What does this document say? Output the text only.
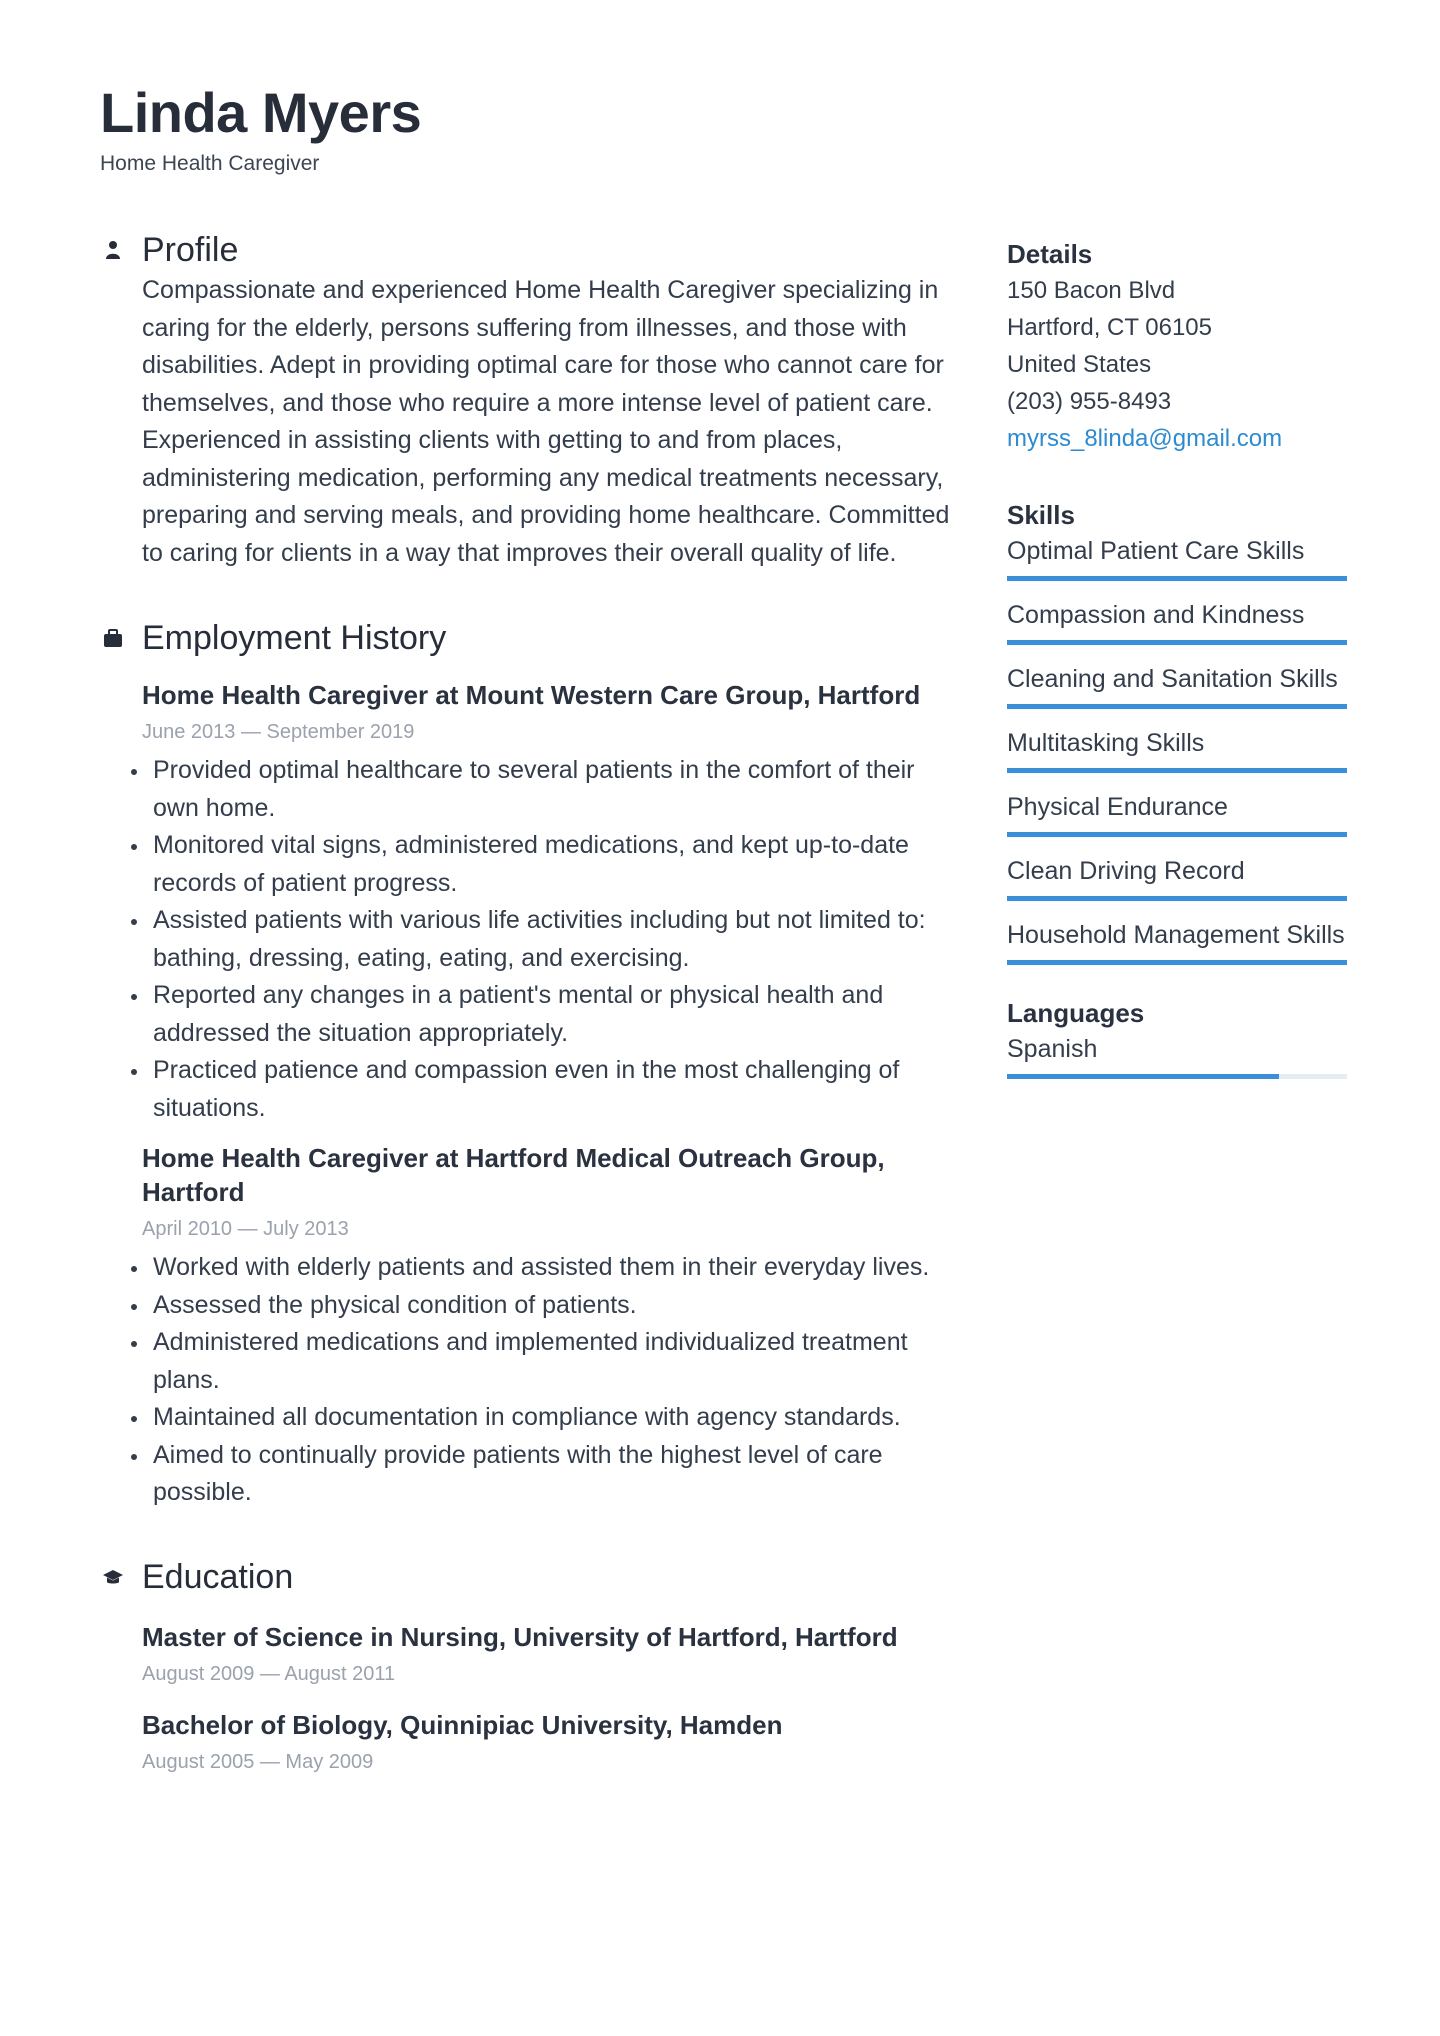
Linda Myers
Home Health Caregiver
Profile
Compassionate and experienced Home Health Caregiver specializing in caring for the elderly, persons suffering from illnesses, and those with disabilities. Adept in providing optimal care for those who cannot care for themselves, and those who require a more intense level of patient care. Experienced in assisting clients with getting to and from places, administering medication, performing any medical treatments necessary, preparing and serving meals, and providing home healthcare. Committed to caring for clients in a way that improves their overall quality of life.
Employment History
Home Health Caregiver at Mount Western Care Group, Hartford
June 2013 — September 2019
Provided optimal healthcare to several patients in the comfort of their own home.
Monitored vital signs, administered medications, and kept up-to-date records of patient progress.
Assisted patients with various life activities including but not limited to: bathing, dressing, eating, eating, and exercising.
Reported any changes in a patient's mental or physical health and addressed the situation appropriately.
Practiced patience and compassion even in the most challenging of situations.
Home Health Caregiver at Hartford Medical Outreach Group, Hartford
April 2010 — July 2013
Worked with elderly patients and assisted them in their everyday lives.
Assessed the physical condition of patients.
Administered medications and implemented individualized treatment plans.
Maintained all documentation in compliance with agency standards.
Aimed to continually provide patients with the highest level of care possible.
Education
Master of Science in Nursing, University of Hartford, Hartford
August 2009 — August 2011
Bachelor of Biology, Quinnipiac University, Hamden
August 2005 — May 2009
Details
150 Bacon Blvd
Hartford, CT 06105
United States
(203) 955-8493
myrss_8linda@gmail.com
Skills
Optimal Patient Care Skills
Compassion and Kindness
Cleaning and Sanitation Skills
Multitasking Skills
Physical Endurance
Clean Driving Record
Household Management Skills
Languages
Spanish
